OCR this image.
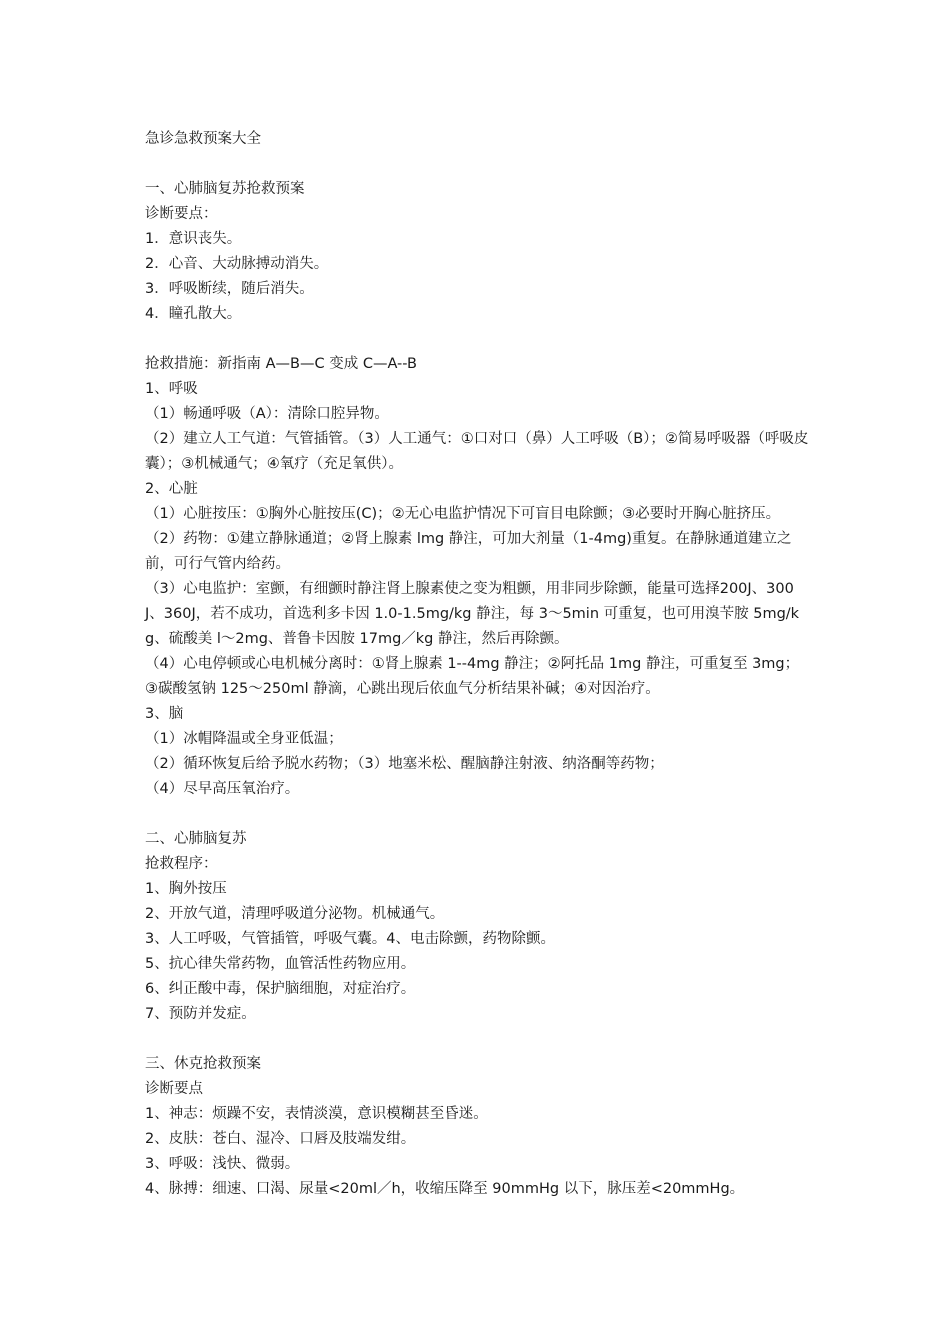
急诊急救预案大全
一、心肺脑复苏抢救预案
诊断要点：
1．意识丧失。
2．心音、大动脉搏动消失。
3．呼吸断续，随后消失。
4．瞳孔散大。
抢救措施：新指南 A—B—C 变成 C—A--B
1、呼吸
（1）畅通呼吸（A）：清除口腔异物。
（2）建立人工气道：气管插管。（3）人工通气：①口对口（鼻）人工呼吸（B）；②简易呼吸器（呼吸皮囊）；③机械通气；④氧疗（充足氧供）。
2、心脏
（1）心脏按压：①胸外心脏按压(C)；②无心电监护情况下可盲目电除颤；③必要时开胸心脏挤压。
（2）药物：①建立静脉通道；②肾上腺素 lmg 静注，可加大剂量（1-4mg)重复。在静脉通道建立之前，可行气管内给药。
（3）心电监护：室颤，有细颤时静注肾上腺素使之变为粗颤，用非同步除颤，能量可选择200J、300J、360J，若不成功，首选利多卡因 1.0-1.5mg/kg 静注，每 3～5min 可重复，也可用溴苄胺 5mg/kg、硫酸美 l～2mg、普鲁卡因胺 17mg／kg 静注，然后再除颤。
（4）心电停顿或心电机械分离时：①肾上腺素 1--4mg 静注；②阿托品 1mg 静注，可重复至 3mg；③碳酸氢钠 125～250ml 静滴，心跳出现后依血气分析结果补碱；④对因治疗。
3、脑
（1）冰帽降温或全身亚低温；
（2）循环恢复后给予脱水药物；（3）地塞米松、醒脑静注射液、纳洛酮等药物；
（4）尽早高压氧治疗。
二、心肺脑复苏
抢救程序：
1、胸外按压
2、开放气道，清理呼吸道分泌物。机械通气。
3、人工呼吸，气管插管，呼吸气囊。4、电击除颤，药物除颤。
5、抗心律失常药物，血管活性药物应用。
6、纠正酸中毒，保护脑细胞，对症治疗。
7、预防并发症。
三、休克抢救预案
诊断要点
1、神志：烦躁不安，表情淡漠，意识模糊甚至昏迷。
2、皮肤：苍白、湿冷、口唇及肢端发绀。
3、呼吸：浅快、微弱。
4、脉搏：细速、口渴、尿量<20ml／h，收缩压降至 90mmHg 以下，脉压差<20mmHg。
